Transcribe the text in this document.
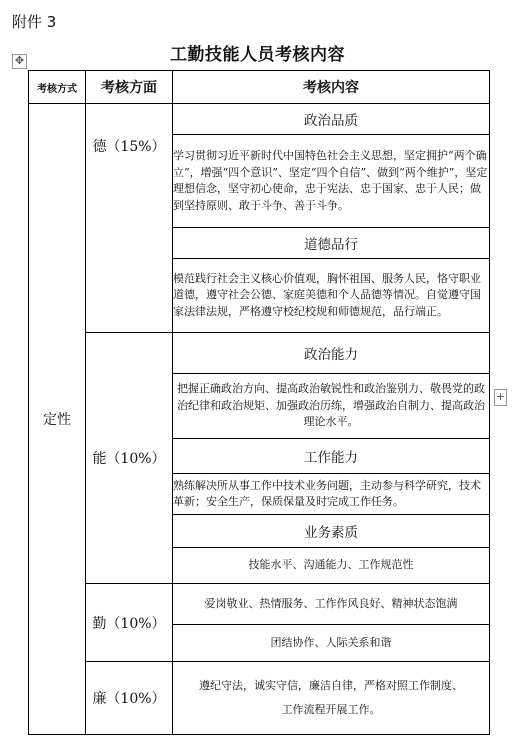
附件 3
✥	工勤技能人员考核内容
+
考核方式	考核方面	考核内容
定性	德（15%）	政治品质
		学习贯彻习近平新时代中国特色社会主义思想，坚定拥护“两个确立”，增强“四个意识”、坚定“四个自信”、做到“两个维护”，坚定理想信念，坚守初心使命，忠于宪法、忠于国家、忠于人民；做到坚持原则、敢于斗争、善于斗争。
		道德品行
		模范践行社会主义核心价值观，胸怀祖国、服务人民，恪守职业道德，遵守社会公德、家庭美德和个人品德等情况。自觉遵守国家法律法规，严格遵守校纪校规和师德规范，品行端正。
	能（10%）	政治能力
		把握正确政治方向、提高政治敏锐性和政治鉴别力、敬畏党的政治纪律和政治规矩、加强政治历练，增强政治自制力、提高政治理论水平。
		工作能力
		熟练解决所从事工作中技术业务问题，主动参与科学研究，技术革新；安全生产，保质保量及时完成工作任务。
		业务素质
		技能水平、沟通能力、工作规范性
	勤（10%）	爱岗敬业、热情服务、工作作风良好、精神状态饱满
		团结协作、人际关系和谐
	廉（10%）	遵纪守法，诚实守信，廉洁自律，严格对照工作制度、
工作流程开展工作。
